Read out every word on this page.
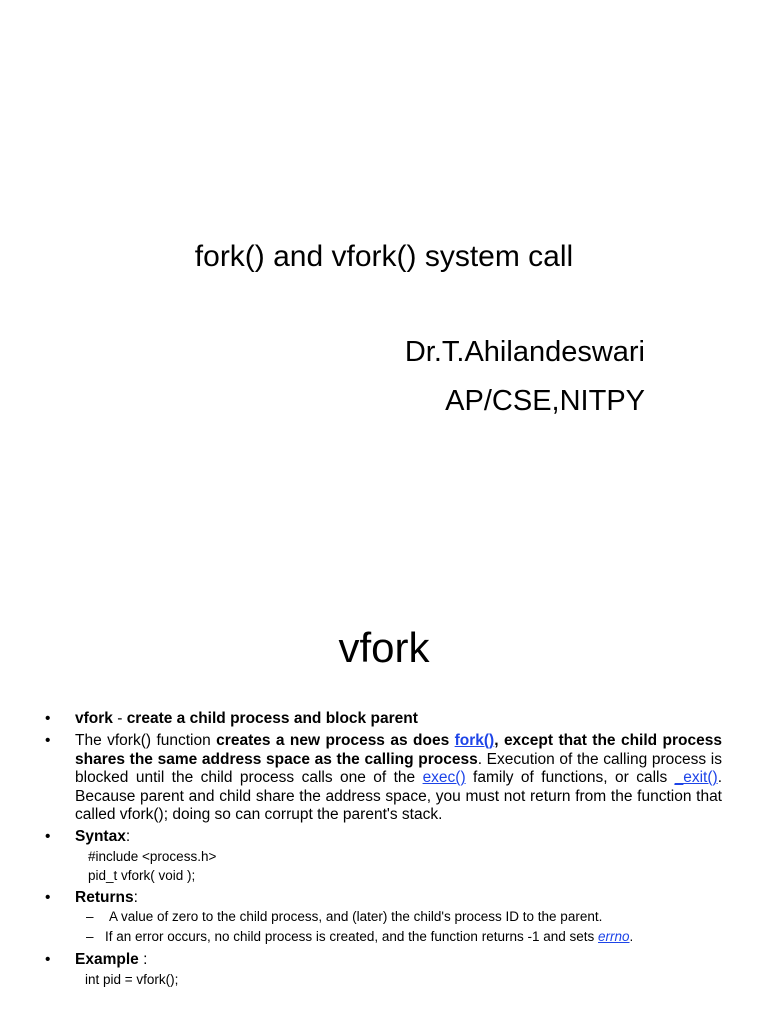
fork() and vfork() system call
Dr.T.Ahilandeswari
AP/CSE,NITPY
vfork
•	vfork - create a child process and block parent
•	The vfork() function creates a new process as does fork(), except that the child process shares the same address space as the calling process. Execution of the calling process is blocked until the child process calls one of the exec() family of functions, or calls _exit(). Because parent and child share the address space, you must not return from the function that called vfork(); doing so can corrupt the parent's stack.
•	Syntax:
#include <process.h>
pid_t vfork( void );
•	Returns:
– A value of zero to the child process, and (later) the child's process ID to the parent.
– If an error occurs, no child process is created, and the function returns -1 and sets errno.
•	Example :
int pid = vfork();
